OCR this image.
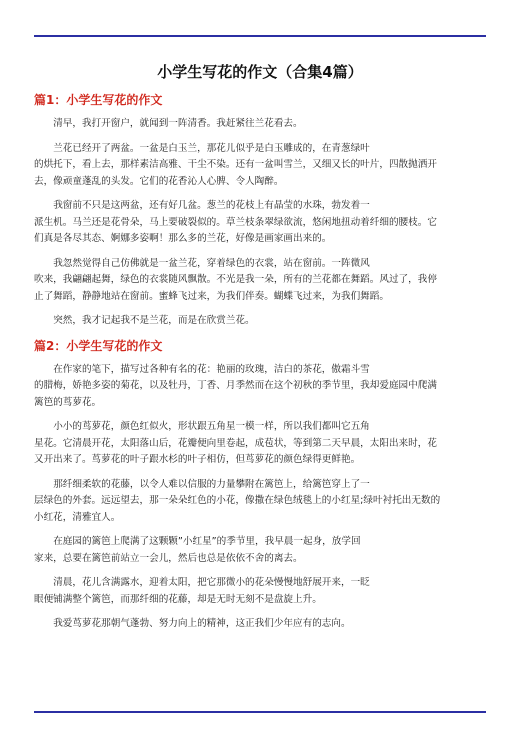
小学生写花的作文（合集4篇）
篇1：小学生写花的作文
清早，我打开窗户，就闻到一阵清香。我赶紧往兰花看去。
兰花已经开了两盆。一盆是白玉兰，那花儿似乎是白玉雕成的，在青葱绿叶
的烘托下，看上去，那样素洁高雅、干尘不染。还有一盆叫雪兰，又细又长的叶片，四散抛洒开
去，像顽童蓬乱的头发。它们的花香沁人心脾、令人陶醉。
我窗前不只是这两盆，还有好几盆。葱兰的花枝上有晶莹的水珠，勃发着一
派生机。马兰还是花骨朵，马上要破裂似的。草兰枝条翠绿欲流，悠闲地扭动着纤细的腰枝。它
们真是各尽其态、婀娜多姿啊！那么多的兰花，好像是画家画出来的。
我忽然觉得自己仿佛就是一盆兰花，穿着绿色的衣裳，站在窗前。一阵微风
吹来，我翩翩起舞，绿色的衣裳随风飘散。不光是我一朵，所有的兰花都在舞蹈。风过了，我停
止了舞蹈，静静地站在窗前。蜜蜂飞过来，为我们伴奏。蝴蝶飞过来，为我们舞蹈。
突然，我才记起我不是兰花，而是在欣赏兰花。
篇2：小学生写花的作文
在作家的笔下，描写过各种有名的花：艳丽的玫瑰，洁白的茶花，傲霜斗雪
的腊梅，娇艳多姿的菊花，以及牡丹，丁香、月季然而在这个初秋的季节里，我却爱庭园中爬满
篱笆的茑萝花。
小小的茑萝花，颜色红似火，形状跟五角星一模一样，所以我们都叫它五角
星花。它清晨开花，太阳落山后，花瓣便向里卷起，成苞状，等到第二天早晨，太阳出来时，花
又开出来了。茑萝花的叶子跟水杉的叶子相仿，但茑萝花的颜色绿得更鲜艳。
那纤细柔软的花藤，以令人难以信服的力量攀附在篱笆上，给篱笆穿上了一
层绿色的外套。远远望去，那一朵朵红色的小花，像撒在绿色绒毯上的小红星;绿叶衬托出无数的
小红花，清雅宜人。
在庭园的篱笆上爬满了这颗颗”小红星”的季节里，我早晨一起身，放学回
家来，总要在篱笆前站立一会儿，然后也总是依依不舍的离去。
清晨，花儿含满露水，迎着太阳，把它那微小的花朵慢慢地舒展开来，一眨
眼便铺满整个篱笆，而那纤细的花藤，却是无时无刻不是盘旋上升。
我爱茑萝花那朝气蓬勃、努力向上的精神，这正我们少年应有的志向。
